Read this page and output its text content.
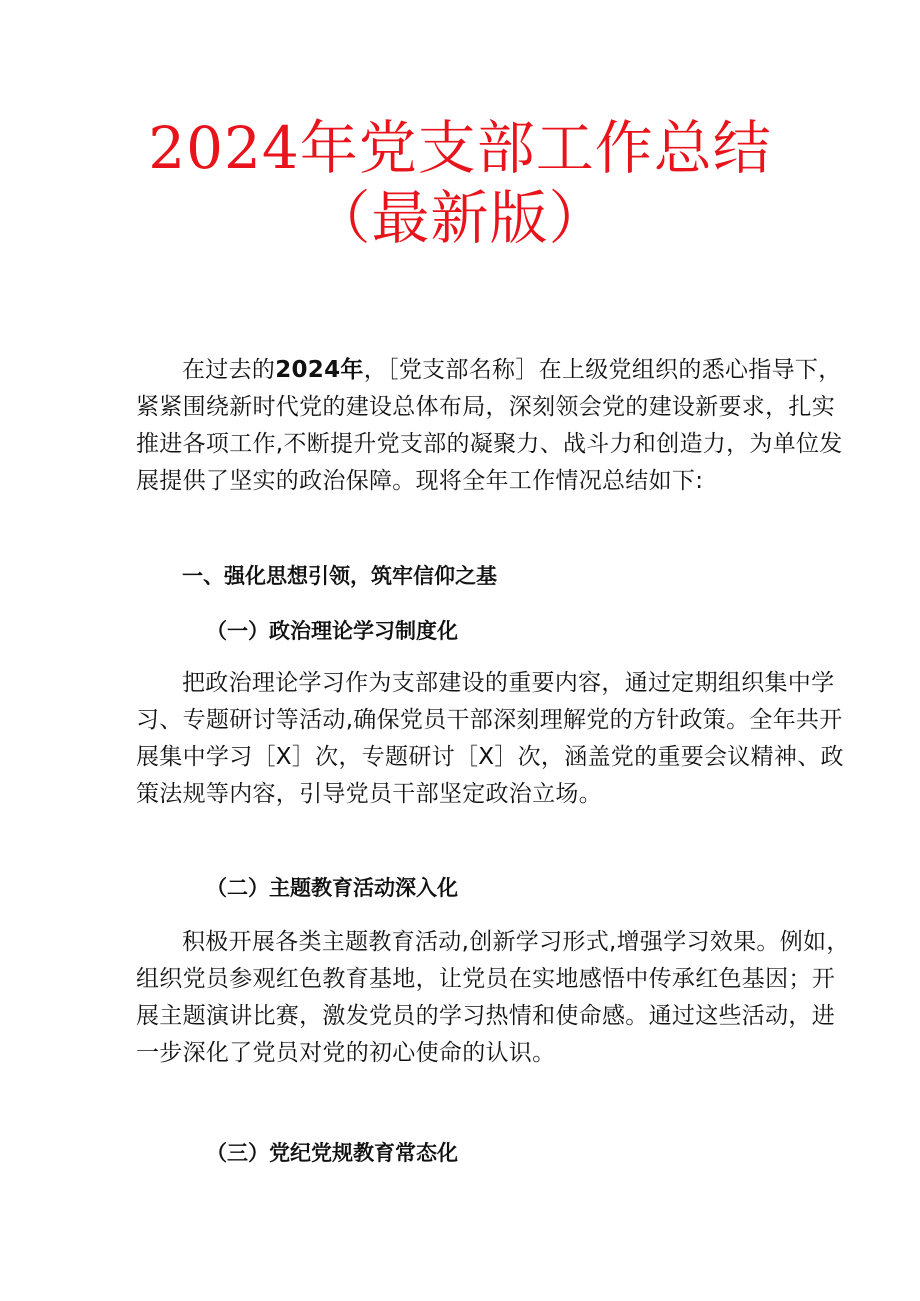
2024年党支部工作总结
（最新版）
在过去的2024年，［党支部名称］在上级党组织的悉心指导下，
紧紧围绕新时代党的建设总体布局，深刻领会党的建设新要求，扎实
推进各项工作,不断提升党支部的凝聚力、战斗力和创造力，为单位发
展提供了坚实的政治保障。现将全年工作情况总结如下:
一、强化思想引领，筑牢信仰之基
（一）政治理论学习制度化
把政治理论学习作为支部建设的重要内容，通过定期组织集中学
习、专题研讨等活动,确保党员干部深刻理解党的方针政策。全年共开
展集中学习［X］次，专题研讨［X］次，涵盖党的重要会议精神、政
策法规等内容，引导党员干部坚定政治立场。
（二）主题教育活动深入化
积极开展各类主题教育活动,创新学习形式,增强学习效果。例如，
组织党员参观红色教育基地，让党员在实地感悟中传承红色基因；开
展主题演讲比赛，激发党员的学习热情和使命感。通过这些活动，进
一步深化了党员对党的初心使命的认识。
（三）党纪党规教育常态化
